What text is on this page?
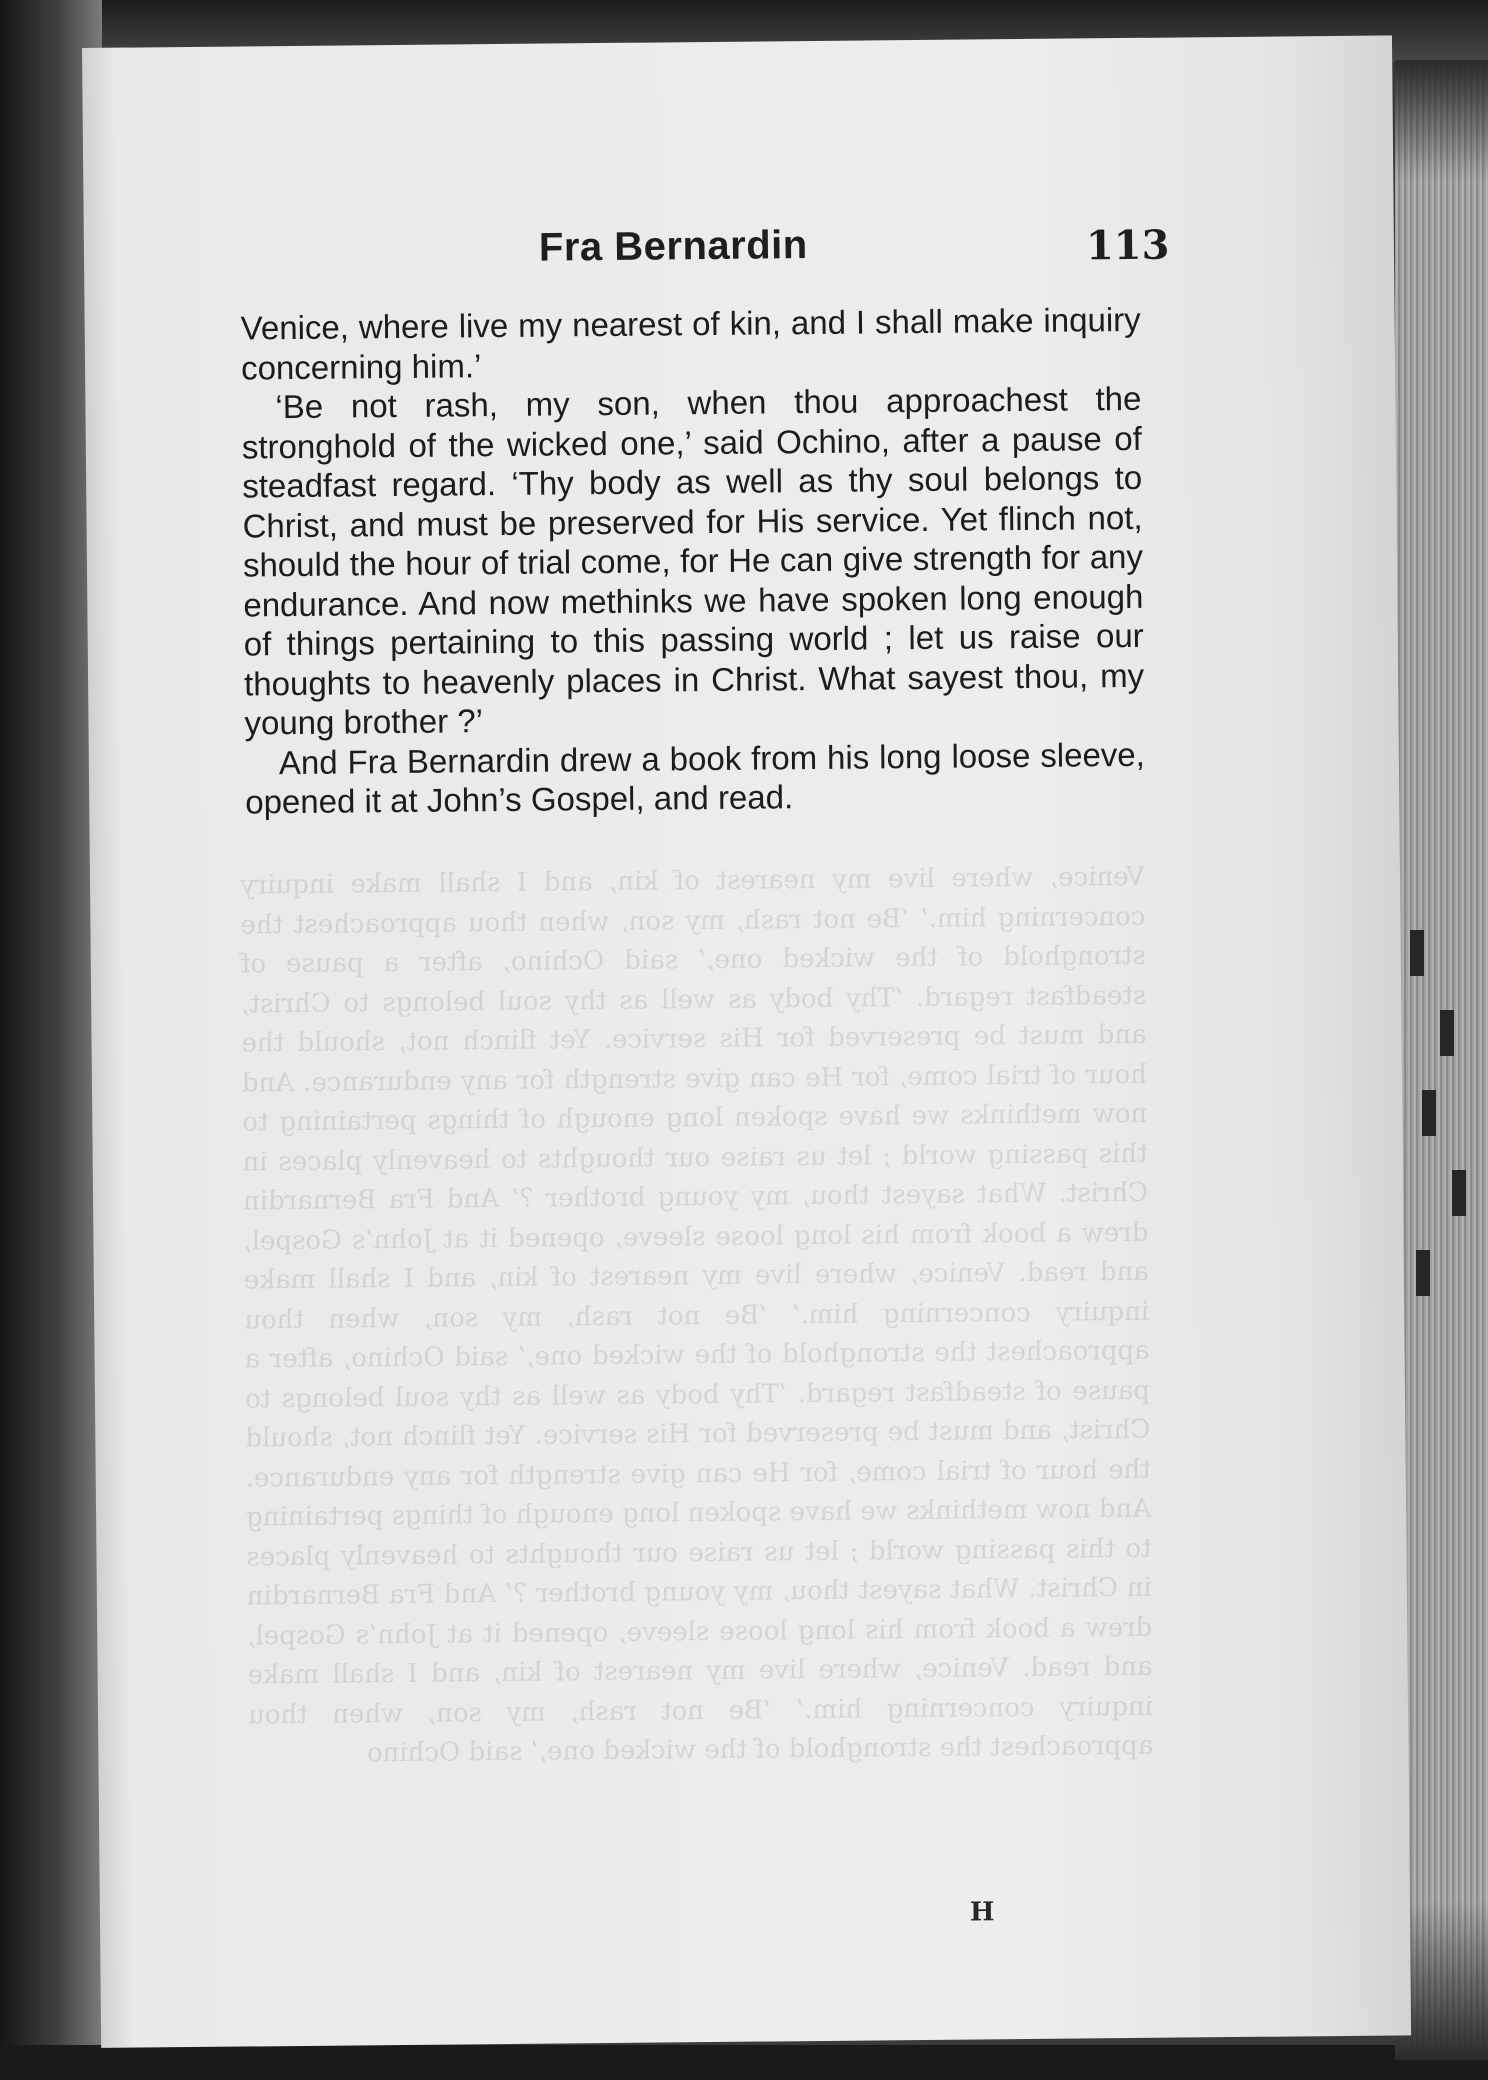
Fra Bernardin	113

Venice, where live my nearest of kin, and I shall make inquiry concerning him.’

‘Be not rash, my son, when thou approachest the stronghold of the wicked one,’ said Ochino, after a pause of steadfast regard. ‘Thy body as well as thy soul belongs to Christ, and must be preserved for His service. Yet flinch not, should the hour of trial come, for He can give strength for any endurance. And now methinks we have spoken long enough of things pertaining to this passing world ; let us raise our thoughts to heavenly places in Christ. What sayest thou, my young brother ?’

And Fra Bernardin drew a book from his long loose sleeve, opened it at John’s Gospel, and read.

Venice, where live my nearest of kin, and I shall make inquiry concerning him.’ ‘Be not rash, my son, when thou approachest the stronghold of the wicked one,’ said Ochino, after a pause of steadfast regard. ‘Thy body as well as thy soul belongs to Christ, and must be preserved for His service. Yet flinch not, should the hour of trial come, for He can give strength for any endurance. And now methinks we have spoken long enough of things pertaining to this passing world ; let us raise our thoughts to heavenly places in Christ. What sayest thou, my young brother ?’ And Fra Bernardin drew a book from his long loose sleeve, opened it at John’s Gospel, and read. Venice, where live my nearest of kin, and I shall make inquiry concerning him.’ ‘Be not rash, my son, when thou approachest the stronghold of the wicked one,’ said Ochino, after a pause of steadfast regard. ‘Thy body as well as thy soul belongs to Christ, and must be preserved for His service. Yet flinch not, should the hour of trial come, for He can give strength for any endurance. And now methinks we have spoken long enough of things pertaining to this passing world ; let us raise our thoughts to heavenly places in Christ. What sayest thou, my young brother ?’ And Fra Bernardin drew a book from his long loose sleeve, opened it at John’s Gospel, and read. Venice, where live my nearest of kin, and I shall make inquiry concerning him.’ ‘Be not rash, my son, when thou approachest the stronghold of the wicked one,’ said Ochino
H
